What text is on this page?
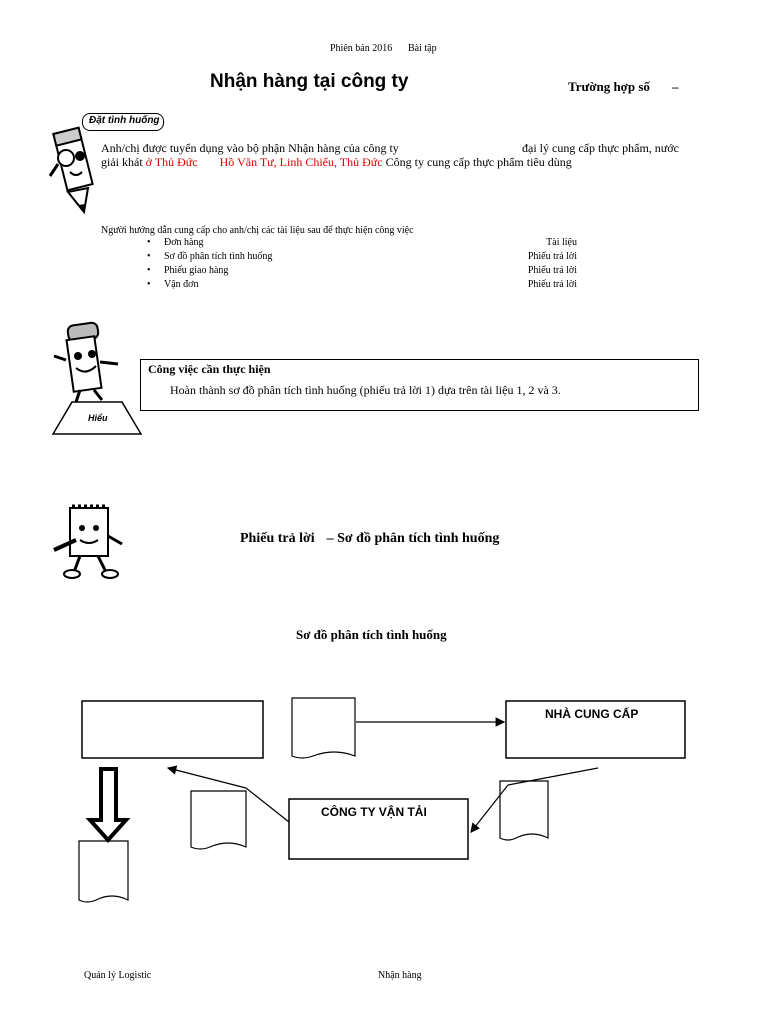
Phiên bản 2016 Bài tập
Nhận hàng tại công ty	Trường hợp số –
Đặt tình huống
Anh/chị được tuyển dụng vào bộ phận Nhận hàng của công ty	đại lý cung cấp thực phẩm, nước
giải khát ở Thủ Đức Hồ Văn Tư, Linh Chiểu, Thủ Đức Công ty cung cấp thực phẩm tiêu dùng
Người hướng dẫn cung cấp cho anh/chị các tài liệu sau để thực hiện công việc
• Đơn hàng	Tài liệu
• Sơ đồ phân tích tình huống	Phiếu trả lời
• Phiếu giao hàng	Phiếu trả lời
• Vận đơn	Phiếu trả lời
Hiểu
Công việc cần thực hiện
Hoàn thành sơ đồ phân tích tình huống (phiếu trả lời 1) dựa trên tài liệu 1, 2 và 3.
Phiếu trả lời – Sơ đồ phân tích tình huống
Sơ đồ phân tích tình huống
NHÀ CUNG CẤP
CÔNG TY VẬN TẢI
Quản lý Logistic	Nhận hàng
